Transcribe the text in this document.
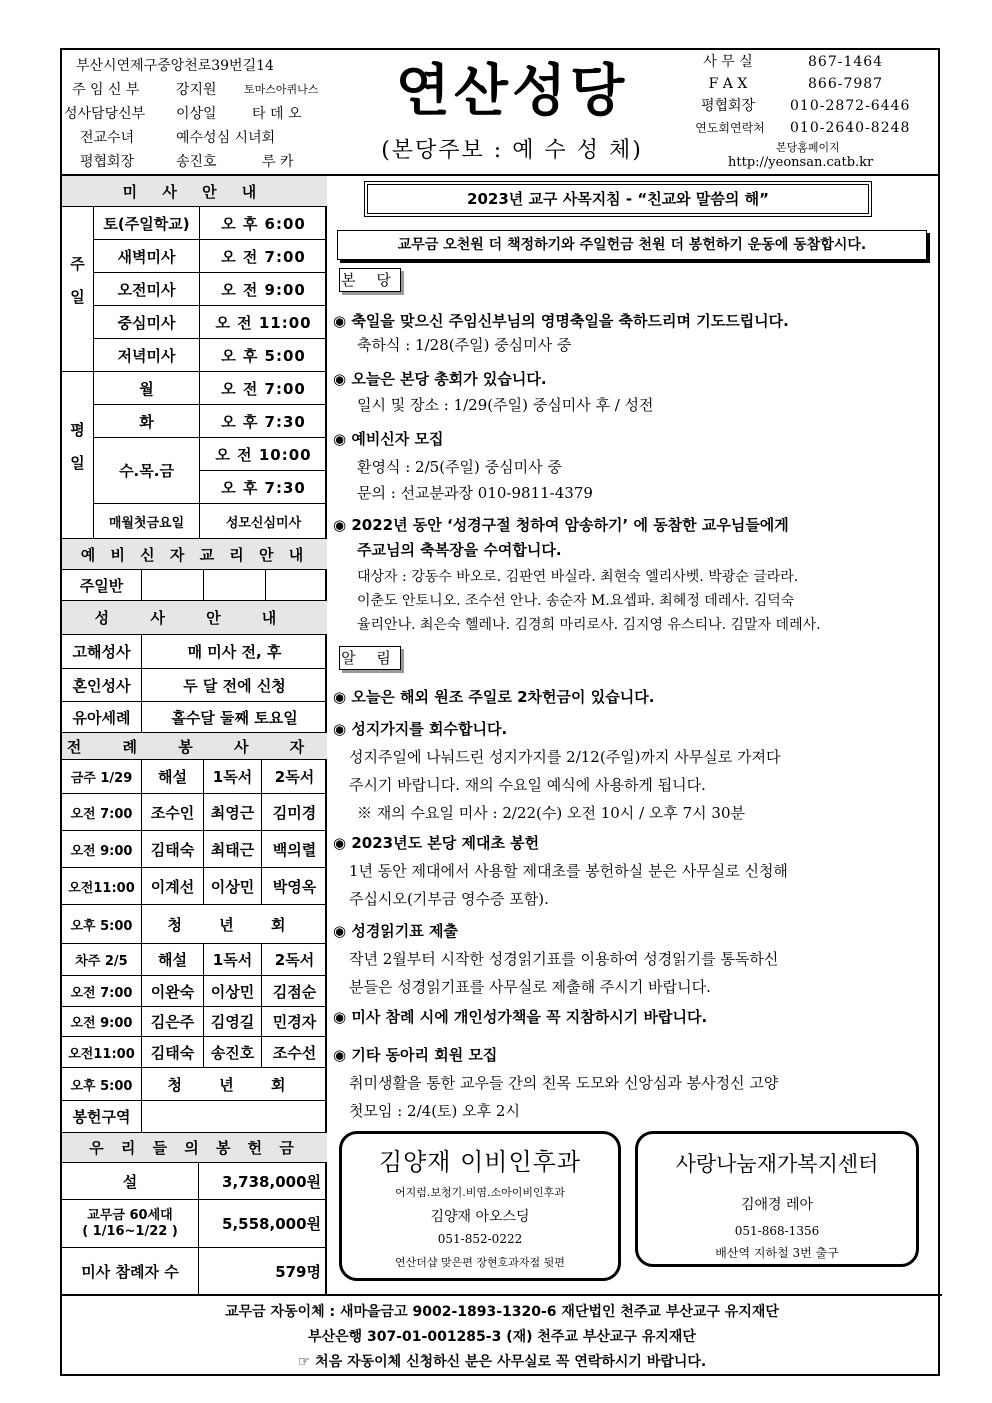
부산시연제구중앙천로39번길14
주 임 신 부	강지원 토마스아퀴나스
성사담당신부 이상일	타 데 오
전교수녀	예수성심 시녀회
평협회장	송진호	루 카
연산성당
(본당주보 : 예 수 성 체)
사 무 실	867-1464
F A X	866-7987
평협회장	010-2872-6446
연도회연락처	010-2640-8248
본당홈페이지
http://yeonsan.catb.kr
미 사 안 내
주일
토(주일학교)	오 후 6:00
새벽미사	오 전 7:00
오전미사	오 전 9:00
중심미사	오 전 11:00
저녁미사	오 후 5:00
평일
월	오 전 7:00
화	오 후 7:30
수.목.금
오 전 10:00
오 후 7:30
매월첫금요일	성모신심미사
예 비 신 자 교 리 안 내
주일반
성 사 안 내
고해성사	매 미사 전, 후
혼인성사	두 달 전에 신청
유아세례	홀수달 둘째 토요일
전 례 봉 사 자
금주 1/29	해설	1독서	2독서
오전 7:00	조수인	최영근	김미경
오전 9:00	김태숙	최태근	백의렬
오전11:00	이계선	이상민	박영옥
오후 5:00	청 년 회
차주 2/5	해설	1독서	2독서
오전 7:00	이완숙	이상민	김점순
오전 9:00	김은주	김영길	민경자
오전11:00	김태숙	송진호	조수선
오후 5:00	청 년 회
봉헌구역
우 리 들 의 봉 헌 금
설	3,738,000원
교무금 60세대
( 1/16~1/22 )	5,558,000원
미사 참례자 수	579명
2023년 교구 사목지침 - “친교와 말씀의 해”
교무금 오천원 더 책정하기와 주일헌금 천원 더 봉헌하기 운동에 동참합시다.
본 당
◉ 축일을 맞으신 주임신부님의 영명축일을 축하드리며 기도드립니다.
축하식 : 1/28(주일) 중심미사 중
◉ 오늘은 본당 총회가 있습니다.
일시 및 장소 : 1/29(주일) 중심미사 후 / 성전
◉ 예비신자 모집
환영식 : 2/5(주일) 중심미사 중
문의 : 선교분과장 010-9811-4379
◉ 2022년 동안 ‘성경구절 청하여 암송하기’ 에 동참한 교우님들에게
주교님의 축복장을 수여합니다.
대상자 : 강동수 바오로. 김판연 바실라. 최현숙 엘리사벳. 박광순 글라라.
이춘도 안토니오. 조수선 안나. 송순자 M.요셉파. 최혜정 데레사. 김덕숙
율리안나. 최은숙 헬레나. 김경희 마리로사. 김지영 유스티나. 김말자 데레사.
알 림
◉ 오늘은 해외 원조 주일로 2차헌금이 있습니다.
◉ 성지가지를 회수합니다.
성지주일에 나눠드린 성지가지를 2/12(주일)까지 사무실로 가져다
주시기 바랍니다. 재의 수요일 예식에 사용하게 됩니다.
※ 재의 수요일 미사 : 2/22(수) 오전 10시 / 오후 7시 30분
◉ 2023년도 본당 제대초 봉헌
1년 동안 제대에서 사용할 제대초를 봉헌하실 분은 사무실로 신청해
주십시오(기부금 영수증 포함).
◉ 성경읽기표 제출
작년 2월부터 시작한 성경읽기표를 이용하여 성경읽기를 통독하신
분들은 성경읽기표를 사무실로 제출해 주시기 바랍니다.
◉ 미사 참례 시에 개인성가책을 꼭 지참하시기 바랍니다.
◉ 기타 동아리 회원 모집
취미생활을 통한 교우들 간의 친목 도모와 신앙심과 봉사정신 고양
첫모임 : 2/4(토) 오후 2시
김양재 이비인후과
어지럼.보청기.비염.소아이비인후과
김양재 아오스딩
051-852-0222
연산더샵 맞은편 장현호과자점 뒷편
사랑나눔재가복지센터
김애경 레아
051-868-1356
배산역 지하철 3번 출구
교무금 자동이체 : 새마을금고 9002-1893-1320-6 재단법인 천주교 부산교구 유지재단
부산은행 307-01-001285-3 (재) 천주교 부산교구 유지재단
☞ 처음 자동이체 신청하신 분은 사무실로 꼭 연락하시기 바랍니다.
